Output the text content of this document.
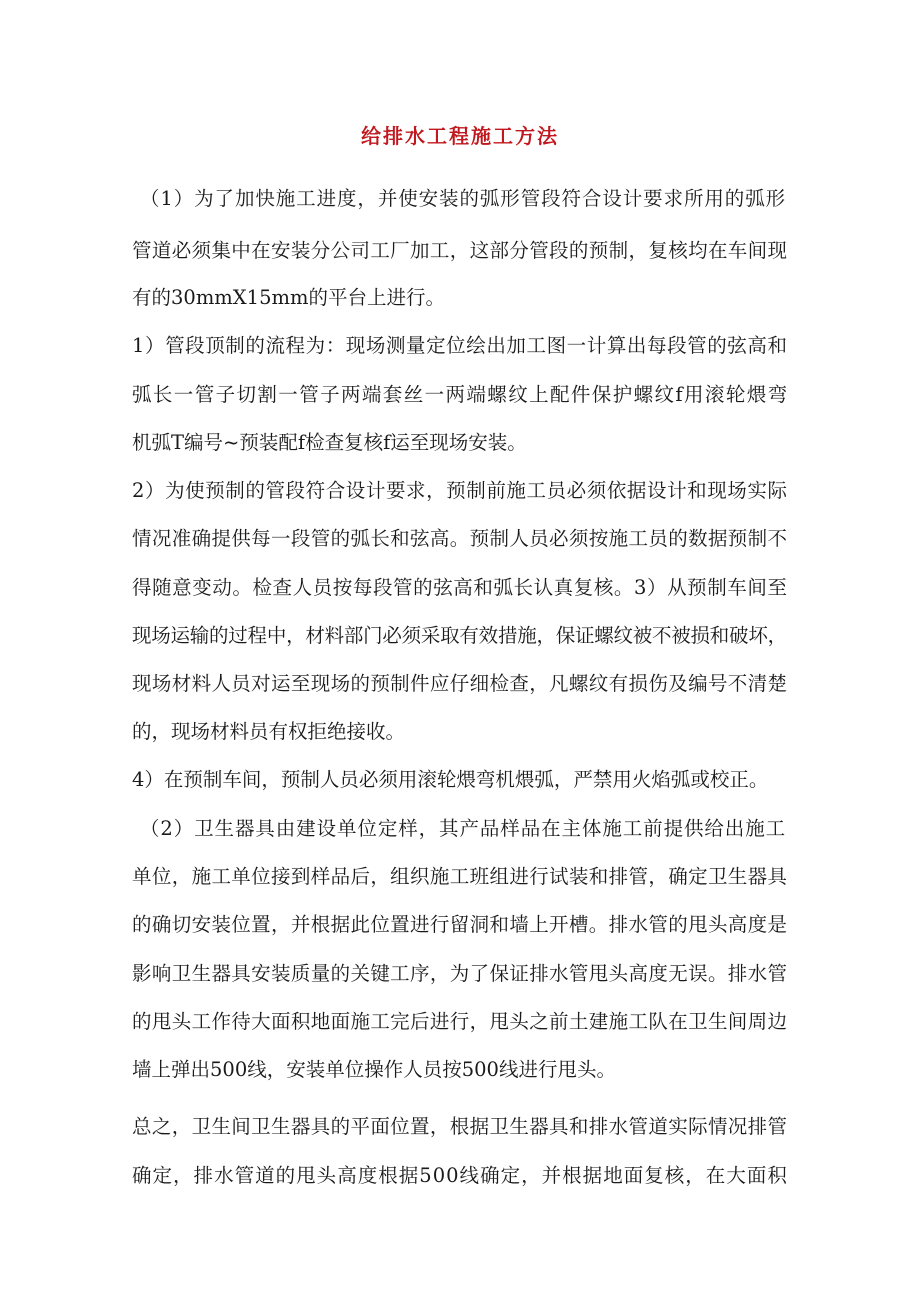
给排水工程施工方法

（1）为了加快施工进度，并使安装的弧形管段符合设计要求所用的弧形

管道必须集中在安装分公司工厂加工，这部分管段的预制，复核均在车间现

有的30mmX15mm的平台上进行。

1）管段顶制的流程为：现场测量定位绘出加工图一计算出每段管的弦高和

弧长一管子切割一管子两端套丝一两端螺纹上配件保护螺纹f用滚轮煨弯

机弧T编号~预装配f检查复核f运至现场安装。

2）为使预制的管段符合设计要求，预制前施工员必须依据设计和现场实际

情况准确提供每一段管的弧长和弦高。预制人员必须按施工员的数据预制不

得随意变动。检查人员按每段管的弦高和弧长认真复核。3）从预制车间至

现场运输的过程中，材料部门必须采取有效措施，保证螺纹被不被损和破坏，

现场材料人员对运至现场的预制件应仔细检查，凡螺纹有损伤及编号不清楚

的，现场材料员有权拒绝接收。

4）在预制车间，预制人员必须用滚轮煨弯机煨弧，严禁用火焰弧或校正。

（2）卫生器具由建设单位定样，其产品样品在主体施工前提供给出施工

单位，施工单位接到样品后，组织施工班组进行试装和排管，确定卫生器具

的确切安装位置，并根据此位置进行留洞和墙上开槽。排水管的甩头高度是

影响卫生器具安装质量的关键工序，为了保证排水管甩头高度无误。排水管

的甩头工作待大面积地面施工完后进行，甩头之前土建施工队在卫生间周边

墙上弹出500线，安装单位操作人员按500线进行甩头。

总之，卫生间卫生器具的平面位置，根据卫生器具和排水管道实际情况排管

确定，排水管道的甩头高度根据500线确定，并根据地面复核，在大面积
